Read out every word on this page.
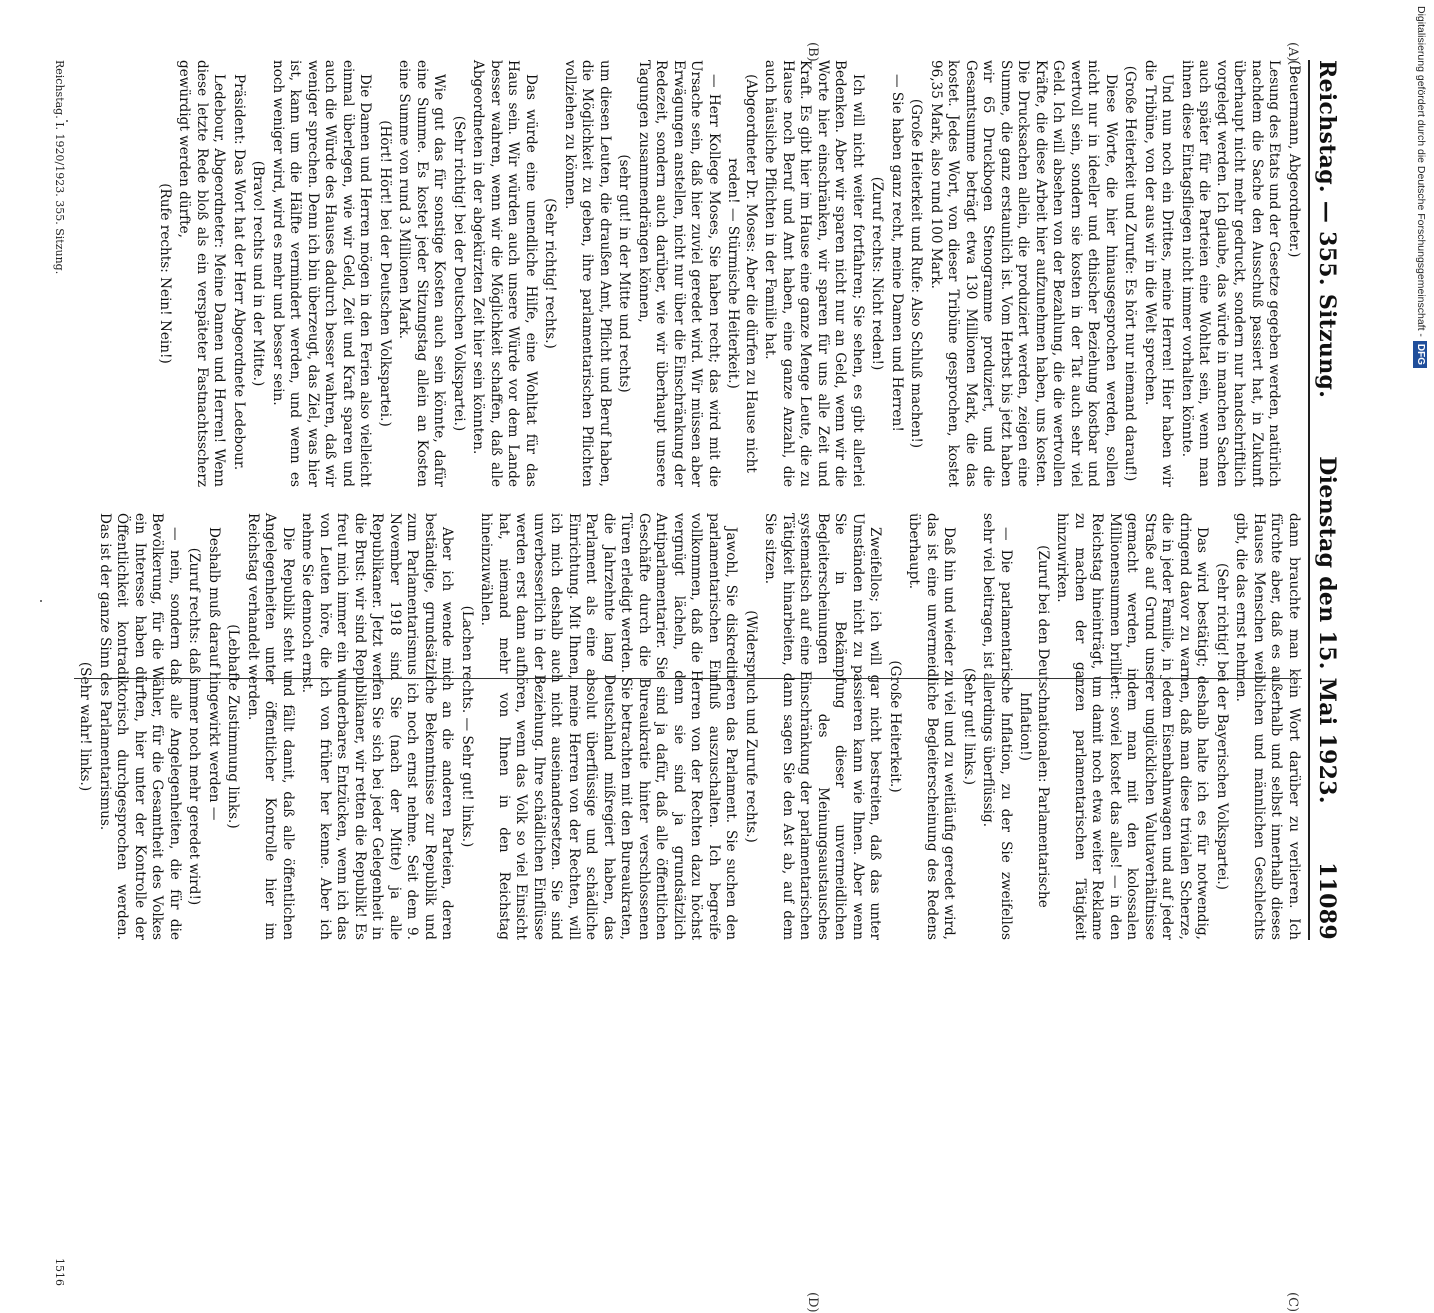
Reichstag. — 355. Sitzung.
Dienstag den 15. Mai 1923.
11089

(Beuermann, Abgeordneter.)

Lesung des Etats und der Gesetze gegeben werden, natürlich nachdem die Sache den Ausschuß passiert hat, in Zukunft überhaupt nicht mehr gedruckt, sondern nur handschriftlich vorgelegt werden. Ich glaube, das würde in manchen Sachen auch später für die Parteien eine Wohltat sein, wenn man ihnen diese Eintagsfliegen nicht immer vorhalten könnte.

Und nun noch ein Drittes, meine Herren! Hier haben wir die Tribüne, von der aus wir in die Welt sprechen.

(Große Heiterkeit und Zurufe: Es hört nur niemand darauf!)

Diese Worte, die hier hinausgesprochen werden, sollen nicht nur in ideeller und ethischer Beziehung kostbar und wertvoll sein, sondern sie kosten in der Tat auch sehr viel Geld. Ich will absehen von der Bezahlung, die die wertvollen Kräfte, die diese Arbeit hier aufzunehmen haben, uns kosten. Die Drucksachen allein, die produziert werden, zeigen eine Summe, die ganz erstaunlich ist. Vom Herbst bis jetzt haben wir 65 Druckbogen Stenogramme produziert, und die Gesamtsumme beträgt etwa 130 Millionen Mark, die das kostet. Jedes Wort, von dieser Tribüne gesprochen, kostet 96,35 Mark, also rund 100 Mark.

(Große Heiterkeit und Rufe: Also Schluß machen!)

— Sie haben ganz recht, meine Damen und Herren!

(Zuruf rechts: Nicht reden!)

Ich will nicht weiter fortfahren; Sie sehen, es gibt allerlei Bedenken. Aber wir sparen nicht nur an Geld, wenn wir die Worte hier einschränken, wir sparen für uns alle Zeit und Kraft. Es gibt hier im Hause eine ganze Menge Leute, die zu Hause noch Beruf und Amt haben, eine ganze Anzahl, die auch häusliche Pflichten in der Familie hat.

(Abgeordneter Dr. Moses: Aber die dürfen zu Hause nicht reden! — Stürmische Heiterkeit.)

— Herr Kollege Moses, Sie haben recht; das wird mit die Ursache sein, daß hier zuviel geredet wird. Wir müssen aber Erwägungen anstellen, nicht nur über die Einschränkung der Redezeit, sondern auch darüber, wie wir überhaupt unsere Tagungen zusammendrängen können,

(sehr gut! in der Mitte und rechts)

um diesen Leuten, die draußen Amt, Pflicht und Beruf haben, die Möglichkeit zu geben, ihre parlamentarischen Pflichten vollziehen zu können.

(Sehr richtig! rechts.)

Das würde eine unendliche Hilfe, eine Wohltat für das Haus sein. Wir würden auch unsere Würde vor dem Lande besser wahren, wenn wir die Möglichkeit schaffen, daß alle Abgeordneten in der abgekürzten Zeit hier sein könnten.

(Sehr richtig! bei der Deutschen Volkspartei.)

Wie gut das für sonstige Kosten auch sein könnte, dafür eine Summe. Es kostet jeder Sitzungstag allein an Kosten eine Summe von rund 3 Millionen Mark.

(Hört! Hört! bei der Deutschen Volkspartei.)

Die Damen und Herren mögen in den Ferien also vielleicht einmal überlegen, wie wir Geld, Zeit und Kraft sparen und auch die Würde des Hauses dadurch besser wahren, daß wir weniger sprechen. Denn ich bin überzeugt, das Ziel, was hier ist, kann um die Hälfte vermindert werden, und wenn es noch weniger wird, wird es mehr und besser sein.

(Bravo! rechts und in der Mitte.)

Präsident: Das Wort hat der Herr Abgeordnete Ledebour.

Ledebour, Abgeordneter: Meine Damen und Herren! Wenn diese letzte Rede bloß als ein verspäteter Fastnachtsscherz gewürdigt werden dürfte,

(Rufe rechts: Nein! Nein!)

dann brauchte man kein Wort darüber zu verlieren. Ich fürchte aber, daß es außerhalb und selbst innerhalb dieses Hauses Menschen weiblichen und männlichen Geschlechts gibt, die das ernst nehmen.

(Sehr richtig! bei der Bayerischen Volkspartei.)

Das wird bestätigt; deshalb halte ich es für notwendig, dringend davor zu warnen, daß man diese trivialen Scherze, die in jeder Familie, in jedem Eisenbahnwagen und auf jeder Straße auf Grund unserer unglücklichen Valutaverhältnisse gemacht werden, indem man mit den kolossalen Millionensummen brilliert: soviel kostet das alles! — in den Reichstag hineinträgt, um damit noch etwa weiter Reklame zu machen der ganzen parlamentarischen Tätigkeit hinzuwirken.

(Zuruf bei den Deutschnationalen: Parlamentarische Inflation!)

— Die parlamentarische Inflation, zu der Sie zweifellos sehr viel beitragen, ist allerdings überflüssig.

(Sehr gut! links.)

Daß hin und wieder zu viel und zu weitläufig geredet wird, das ist eine unvermeidliche Begleiterscheinung des Redens überhaupt.

(Große Heiterkeit.)

Zweifellos; ich will gar nicht bestreiten, daß das unter Umständen nicht zu passieren kann wie Ihnen. Aber wenn Sie in Bekämpfung dieser unvermeidlichen Begleiterscheinungen des Meinungsaustausches systematisch auf eine Einschränkung der parlamentarischen Tätigkeit hinarbeiten, dann sagen Sie den Ast ab, auf dem Sie sitzen.

(Widerspruch und Zurufe rechts.)

Jawohl, Sie diskreditieren das Parlament. Sie suchen den parlamentarischen Einfluß auszuschalten. Ich begreife vollkommen, daß die Herren von der Rechten dazu höchst vergnügt lächeln, denn sie sind ja grundsätzlich Antiparlamentarier. Sie sind ja dafür, daß alle öffentlichen Geschäfte durch die Bureaukratie hinter verschlossenen Türen erledigt werden. Sie betrachten mit den Bureaukraten, die Jahrzehnte lang Deutschland mißregiert haben, das Parlament als eine absolut überflüssige und schädliche Einrichtung. Mit Ihnen, meine Herren von der Rechten, will ich mich deshalb auch nicht auseinandersetzen. Sie sind unverbesserlich in der Beziehung. Ihre schädlichen Einflüsse werden erst dann aufhören, wenn das Volk so viel Einsicht hat, niemand mehr von Ihnen in den Reichstag hineinzuwählen.

(Lachen rechts. — Sehr gut! links.)

Aber ich wende mich an die anderen Parteien, deren beständige, grundsätzliche Bekenntnisse zur Republik und zum Parlamentarismus ich noch ernst nehme. Seit dem 9. November 1918 sind Sie (nach der Mitte) ja alle Republikaner. Jetzt werfen Sie sich bei jeder Gelegenheit in die Brust: wir sind Republikaner, wir retten die Republik! Es freut mich immer ein wunderbares Entzücken, wenn ich das von Leuten höre, die ich von früher her kenne. Aber ich nehme Sie dennoch ernst.

Die Republik steht und fällt damit, daß alle öffentlichen Angelegenheiten unter öffentlicher Kontrolle hier im Reichstag verhandelt werden.

(Lebhafte Zustimmung links.)

Deshalb muß darauf hingewirkt werden —

(Zuruf rechts: daß immer noch mehr geredet wird!)

— nein, sondern daß alle Angelegenheiten, die für die Bevölkerung, für die Wähler, für die Gesamtheit des Volkes ein Interesse haben dürften, hier unter der Kontrolle der Öffentlichkeit kontradiktorisch durchgesprochen werden. Das ist der ganze Sinn des Parlamentarismus.

(Sehr wahr! links.)

Reichstag. I. 1920/1923. 355. Sitzung.
1516
(A)
(B)
(C)
(D)
Digitalisierung gefördert durch die Deutsche Forschungsgemeinschaft -DFG
